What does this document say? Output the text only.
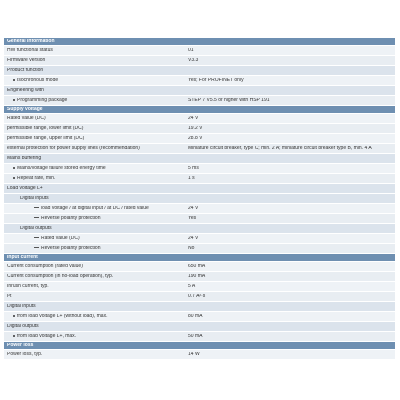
General information
HW functional status	01
Firmware version	V3.3
Product function
Isochronous mode	Yes; For PROFINET only
Engineering with
Programming package	STEP 7 V5.5 or higher with HSP 191
Supply voltage
Rated value (DC)	24 V
permissible range, lower limit (DC)	19.2 V
permissible range, upper limit (DC)	28.8 V
external protection for power supply lines (recommendation)	Miniature circuit breaker, type C; min. 2 A; miniature circuit breaker type B, min. 4 A
Mains buffering
Mains/voltage failure stored energy time	5 ms
Repeat rate, min.	1 s
Load voltage L+
Digital inputs
load voltage / at digital input / at DC / rated value	24 V
Reverse polarity protection	Yes
Digital outputs
Rated value (DC)	24 V
Reverse polarity protection	No
Input current
Current consumption (rated value)	650 mA
Current consumption (in no-load operation), typ.	190 mA
Inrush current, typ.	5 A
I²t	0.7 A²·s
Digital inputs
from load voltage L+ (without load), max.	80 mA
Digital outputs
from load voltage L+, max.	50 mA
Power loss
Power loss, typ.	14 W
